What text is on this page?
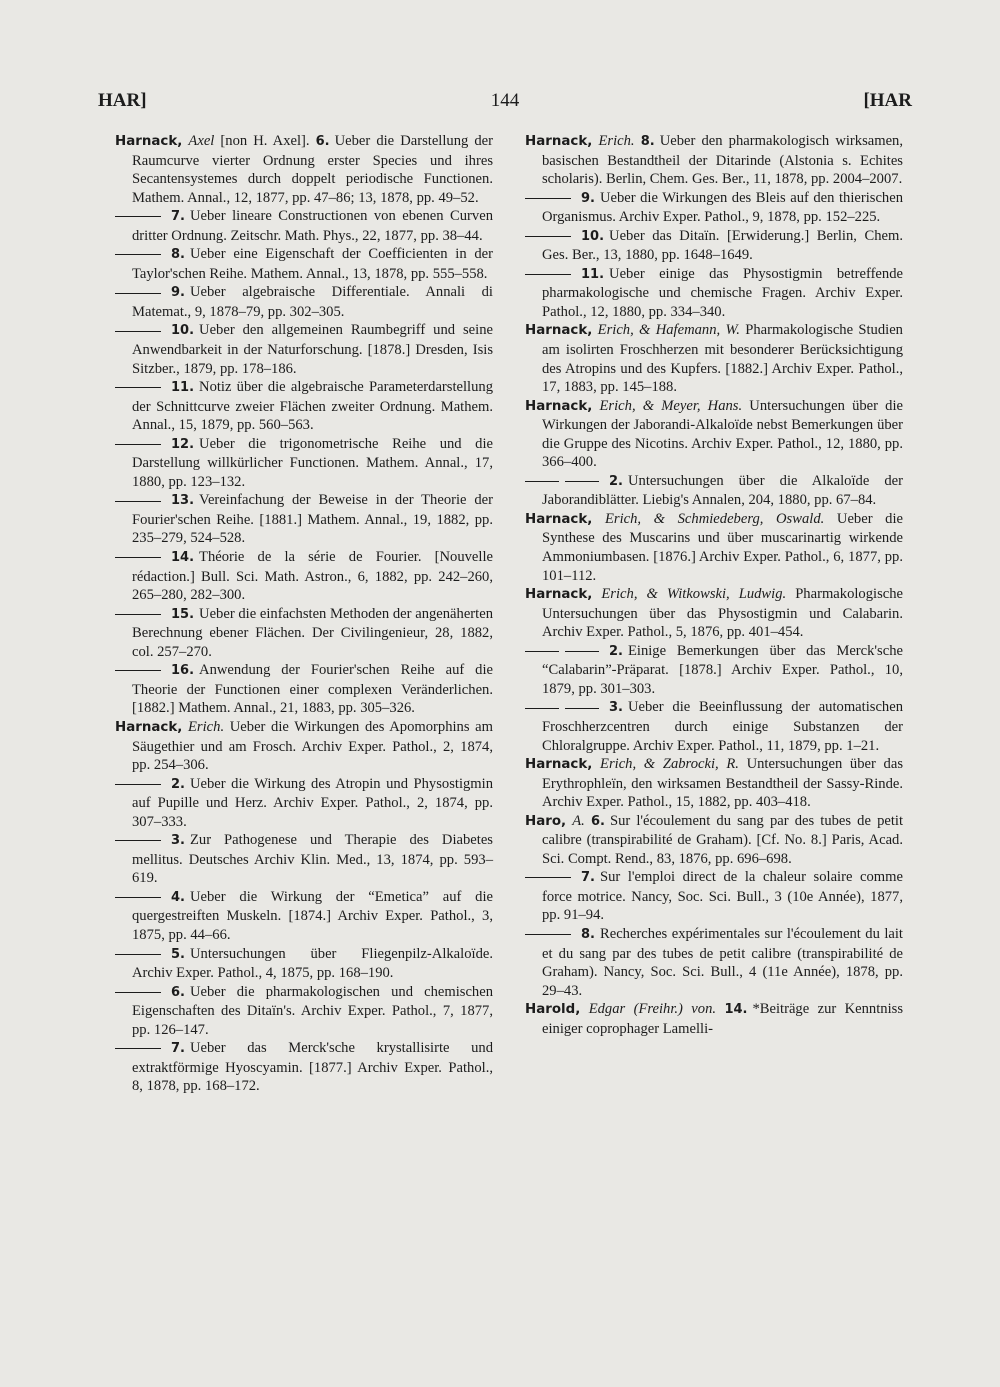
HAR]	144	[HAR

Harnack, Axel [non H. Axel]. 6. Ueber die Darstellung der Raumcurve vierter Ordnung erster Species und ihres Secantensystemes durch doppelt periodische Functionen. Mathem. Annal., 12, 1877, pp. 47–86; 13, 1878, pp. 49–52.

7. Ueber lineare Constructionen von ebenen Curven dritter Ordnung. Zeitschr. Math. Phys., 22, 1877, pp. 38–44.

8. Ueber eine Eigenschaft der Coefficienten in der Taylor'schen Reihe. Mathem. Annal., 13, 1878, pp. 555–558.

9. Ueber algebraische Differentiale. Annali di Matemat., 9, 1878–79, pp. 302–305.

10. Ueber den allgemeinen Raumbegriff und seine Anwendbarkeit in der Naturforschung. [1878.] Dresden, Isis Sitzber., 1879, pp. 178–186.

11. Notiz über die algebraische Parameterdarstellung der Schnittcurve zweier Flächen zweiter Ordnung. Mathem. Annal., 15, 1879, pp. 560–563.

12. Ueber die trigonometrische Reihe und die Darstellung willkürlicher Functionen. Mathem. Annal., 17, 1880, pp. 123–132.

13. Vereinfachung der Beweise in der Theorie der Fourier'schen Reihe. [1881.] Mathem. Annal., 19, 1882, pp. 235–279, 524–528.

14. Théorie de la série de Fourier. [Nouvelle rédaction.] Bull. Sci. Math. Astron., 6, 1882, pp. 242–260, 265–280, 282–300.

15. Ueber die einfachsten Methoden der angenäherten Berechnung ebener Flächen. Der Civilingenieur, 28, 1882, col. 257–270.

16. Anwendung der Fourier'schen Reihe auf die Theorie der Functionen einer complexen Veränderlichen. [1882.] Mathem. Annal., 21, 1883, pp. 305–326.

Harnack, Erich. Ueber die Wirkungen des Apomorphins am Säugethier und am Frosch. Archiv Exper. Pathol., 2, 1874, pp. 254–306.

2. Ueber die Wirkung des Atropin und Physostigmin auf Pupille und Herz. Archiv Exper. Pathol., 2, 1874, pp. 307–333.

3. Zur Pathogenese und Therapie des Diabetes mellitus. Deutsches Archiv Klin. Med., 13, 1874, pp. 593–619.

4. Ueber die Wirkung der “Emetica” auf die quergestreiften Muskeln. [1874.] Archiv Exper. Pathol., 3, 1875, pp. 44–66.

5. Untersuchungen über Fliegenpilz-Alkaloïde. Archiv Exper. Pathol., 4, 1875, pp. 168–190.

6. Ueber die pharmakologischen und chemischen Eigenschaften des Ditaïn's. Archiv Exper. Pathol., 7, 1877, pp. 126–147.

7. Ueber das Merck'sche krystallisirte und extraktförmige Hyoscyamin. [1877.] Archiv Exper. Pathol., 8, 1878, pp. 168–172.

Harnack, Erich. 8. Ueber den pharmakologisch wirksamen, basischen Bestandtheil der Ditarinde (Alstonia s. Echites scholaris). Berlin, Chem. Ges. Ber., 11, 1878, pp. 2004–2007.

9. Ueber die Wirkungen des Bleis auf den thierischen Organismus. Archiv Exper. Pathol., 9, 1878, pp. 152–225.

10. Ueber das Ditaïn. [Erwiderung.] Berlin, Chem. Ges. Ber., 13, 1880, pp. 1648–1649.

11. Ueber einige das Physostigmin betreffende pharmakologische und chemische Fragen. Archiv Exper. Pathol., 12, 1880, pp. 334–340.

Harnack, Erich, & Hafemann, W. Pharmakologische Studien am isolirten Froschherzen mit besonderer Berücksichtigung des Atropins und des Kupfers. [1882.] Archiv Exper. Pathol., 17, 1883, pp. 145–188.

Harnack, Erich, & Meyer, Hans. Untersuchungen über die Wirkungen der Jaborandi-Alkaloïde nebst Bemerkungen über die Gruppe des Nicotins. Archiv Exper. Pathol., 12, 1880, pp. 366–400.

2. Untersuchungen über die Alkaloïde der Jaborandiblätter. Liebig's Annalen, 204, 1880, pp. 67–84.

Harnack, Erich, & Schmiedeberg, Oswald. Ueber die Synthese des Muscarins und über muscarinartig wirkende Ammoniumbasen. [1876.] Archiv Exper. Pathol., 6, 1877, pp. 101–112.

Harnack, Erich, & Witkowski, Ludwig. Pharmakologische Untersuchungen über das Physostigmin und Calabarin. Archiv Exper. Pathol., 5, 1876, pp. 401–454.

2. Einige Bemerkungen über das Merck'sche “Calabarin”-Präparat. [1878.] Archiv Exper. Pathol., 10, 1879, pp. 301–303.

3. Ueber die Beeinflussung der automatischen Froschherzcentren durch einige Substanzen der Chloralgruppe. Archiv Exper. Pathol., 11, 1879, pp. 1–21.

Harnack, Erich, & Zabrocki, R. Untersuchungen über das Erythrophleïn, den wirksamen Bestandtheil der Sassy-Rinde. Archiv Exper. Pathol., 15, 1882, pp. 403–418.

Haro, A. 6. Sur l'écoulement du sang par des tubes de petit calibre (transpirabilité de Graham). [Cf. No. 8.] Paris, Acad. Sci. Compt. Rend., 83, 1876, pp. 696–698.

7. Sur l'emploi direct de la chaleur solaire comme force motrice. Nancy, Soc. Sci. Bull., 3 (10e Année), 1877, pp. 91–94.

8. Recherches expérimentales sur l'écoulement du lait et du sang par des tubes de petit calibre (transpirabilité de Graham). Nancy, Soc. Sci. Bull., 4 (11e Année), 1878, pp. 29–43.

Harold, Edgar (Freihr.) von. 14. *Beiträge zur Kenntniss einiger coprophager Lamelli-
